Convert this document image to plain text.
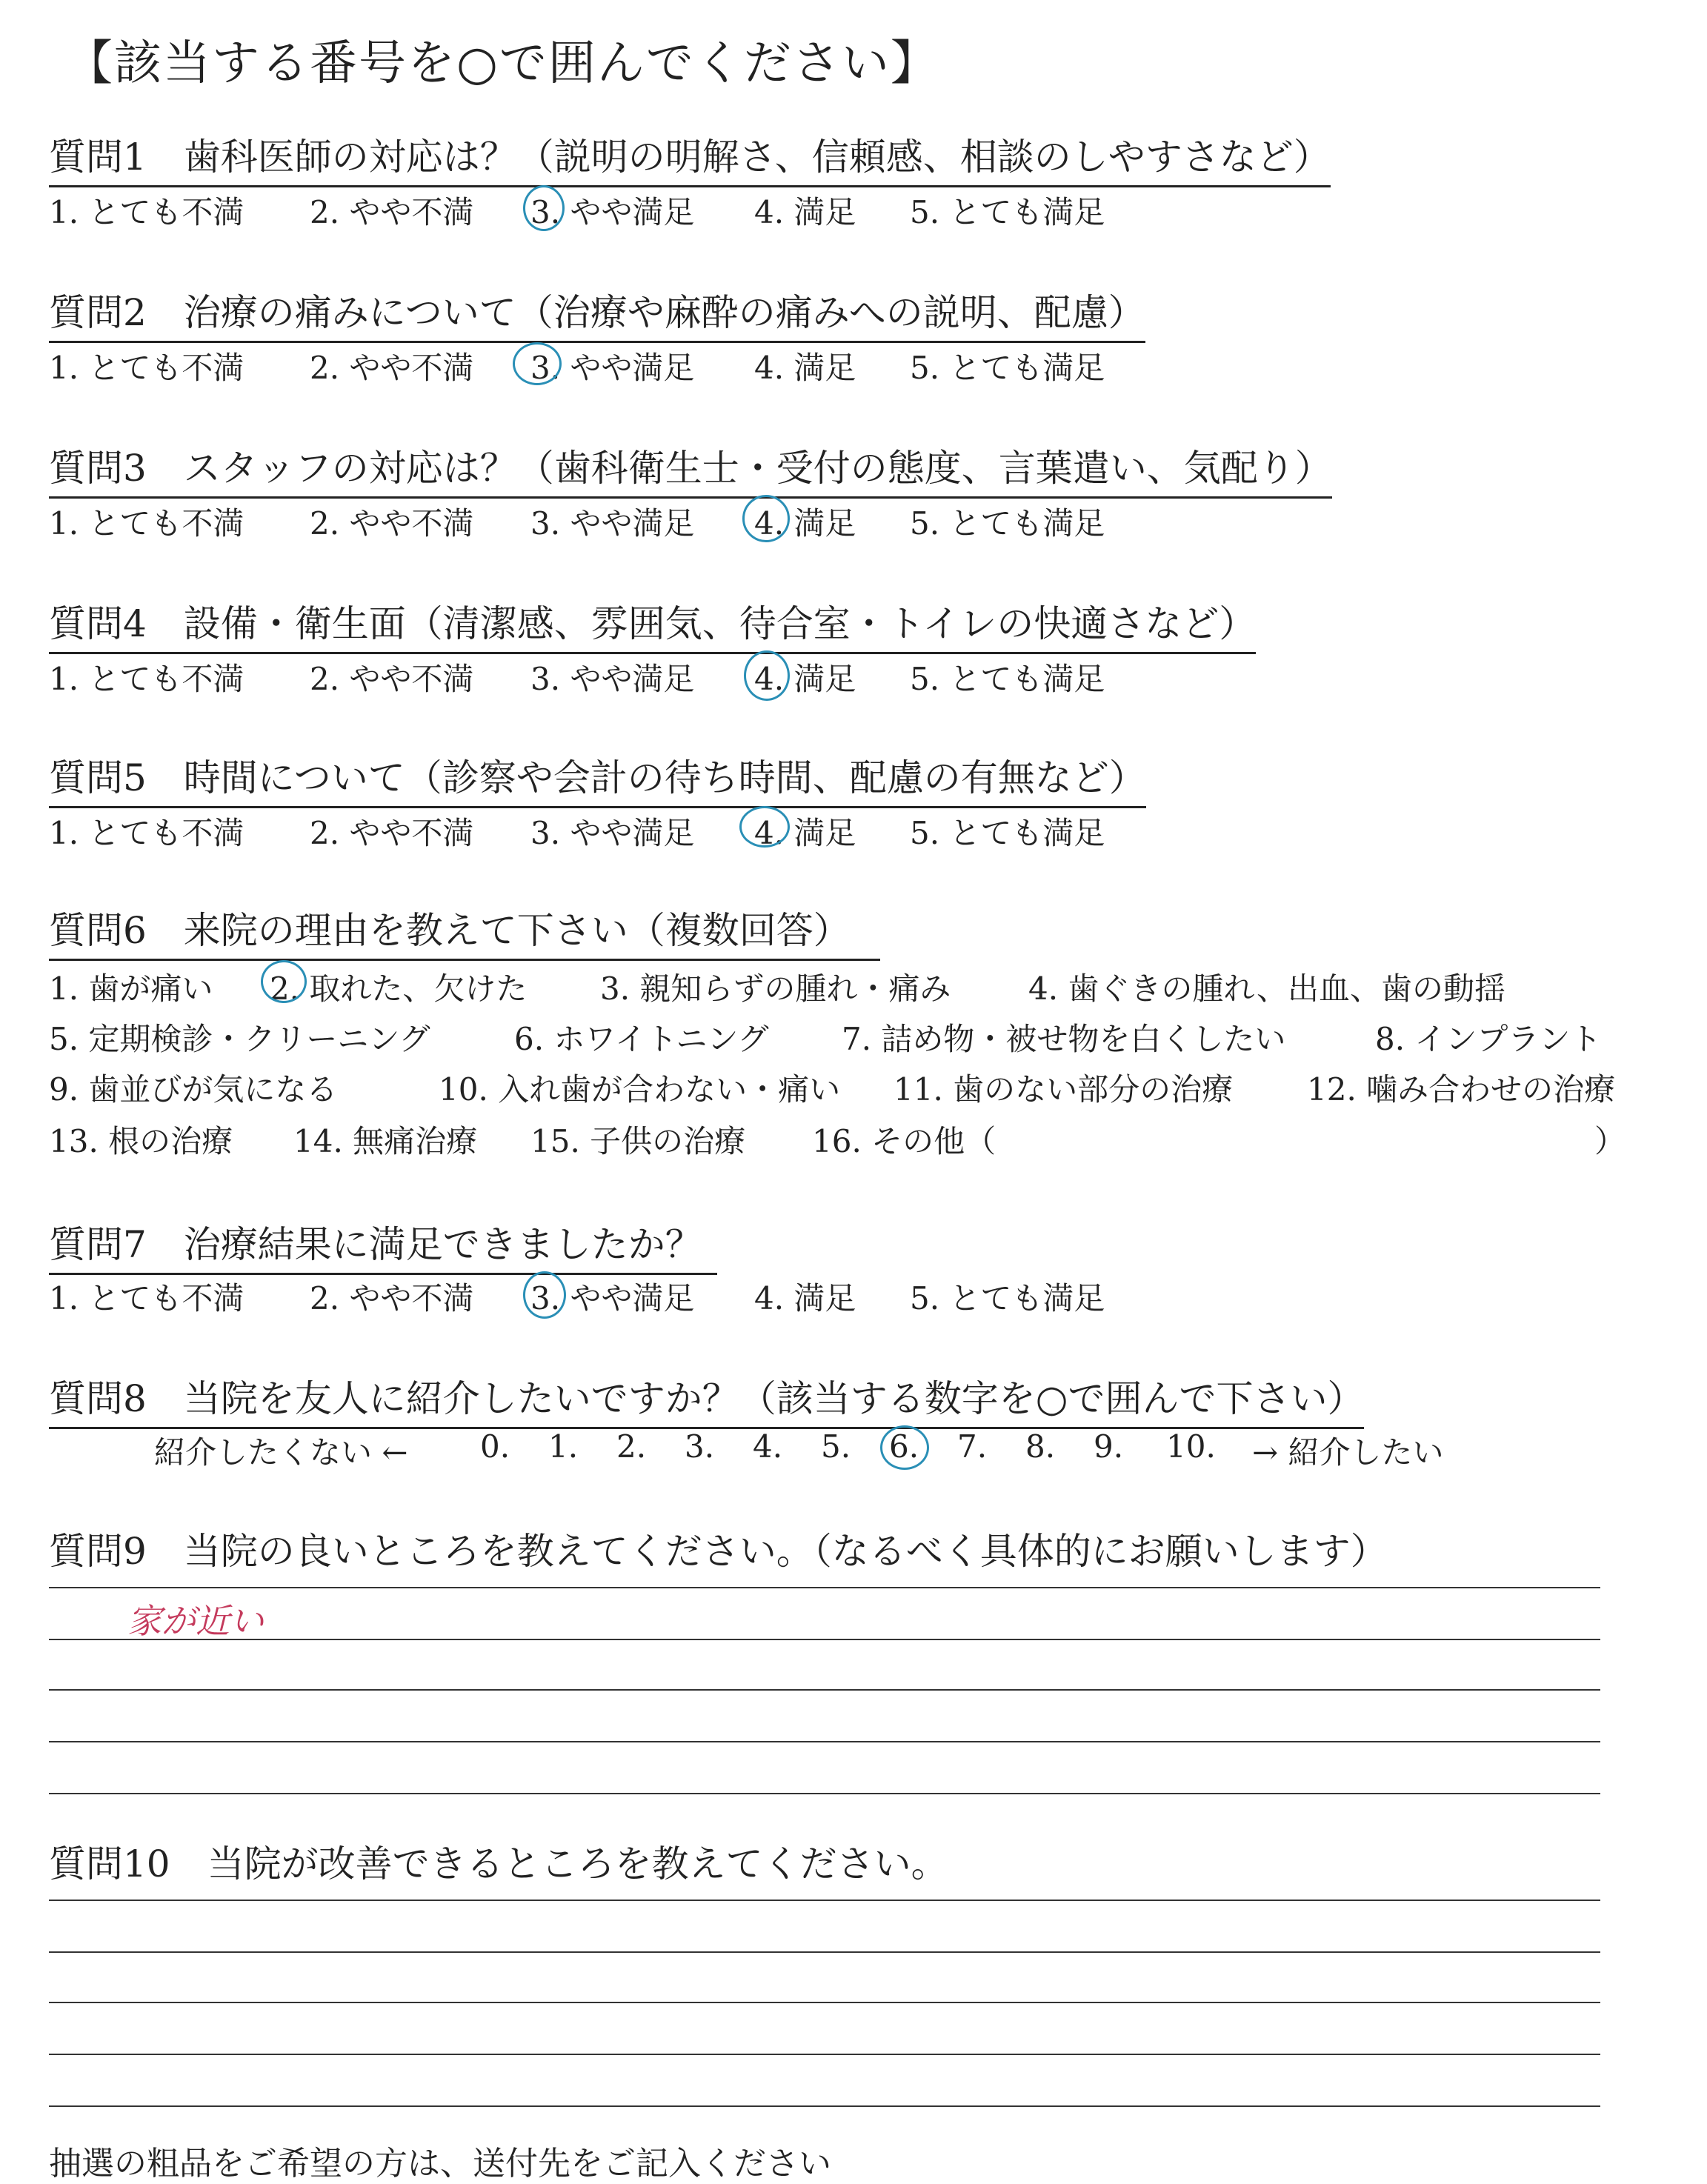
【該当する番号を○で囲んでください】
質問1　歯科医師の対応は？（説明の明解さ、信頼感、相談のしやすさなど）
1. とても不満 2. やや不満 3. やや満足 4. 満足 5. とても満足
質問2　治療の痛みについて（治療や麻酔の痛みへの説明、配慮）
1. とても不満 2. やや不満 3. やや満足 4. 満足 5. とても満足
質問3　スタッフの対応は？（歯科衛生士・受付の態度、言葉遣い、気配り）
1. とても不満 2. やや不満 3. やや満足 4. 満足 5. とても満足
質問4　設備・衛生面（清潔感、雰囲気、待合室・トイレの快適さなど）
1. とても不満 2. やや不満 3. やや満足 4. 満足 5. とても満足
質問5　時間について（診察や会計の待ち時間、配慮の有無など）
1. とても不満 2. やや不満 3. やや満足 4. 満足 5. とても満足
質問6　来院の理由を教えて下さい（複数回答）
1. 歯が痛い 2. 取れた、欠けた 3. 親知らずの腫れ・痛み 4. 歯ぐきの腫れ、出血、歯の動揺
5. 定期検診・クリーニング	6. ホワイトニング 7. 詰め物・被せ物を白くしたい	8. インプラント
9. 歯並びが気になる	10. 入れ歯が合わない・痛い 11. 歯のない部分の治療 12. 噛み合わせの治療
13. 根の治療 14. 無痛治療 15. 子供の治療 16. その他（	）
質問7　治療結果に満足できましたか？
1. とても不満 2. やや不満 3. やや満足 4. 満足 5. とても満足
質問8　当院を友人に紹介したいですか？（該当する数字を○で囲んで下さい）
紹介したくない ← 0. 1. 2. 3. 4. 5. 6. 7. 8. 9. 10. → 紹介したい
質問9　当院の良いところを教えてください。（なるべく具体的にお願いします）
家が近い
質問10　当院が改善できるところを教えてください。
抽選の粗品をご希望の方は、送付先をご記入ください
